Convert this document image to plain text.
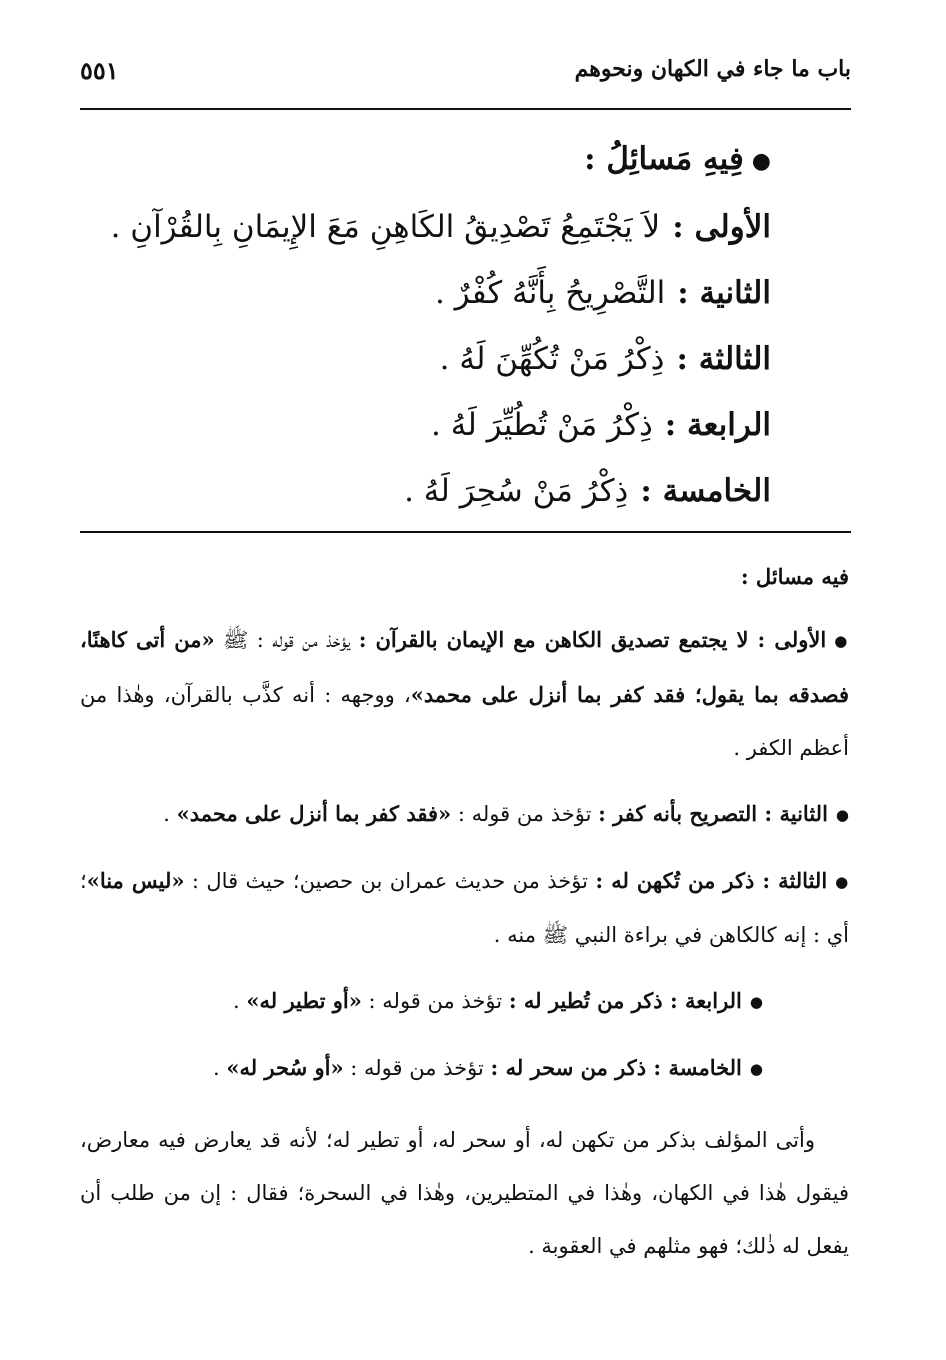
باب ما جاء في الكهان ونحوهم
٥٥١

●فِيهِ مَسائِلُ :

الأولى :لاَ يَجْتَمِعُ تَصْدِيقُ الكَاهِنِ مَعَ الإِيمَانِ بِالقُرْآنِ .

الثانية :التَّصْرِيحُ بِأَنَّهُ كُفْرٌ .

الثالثة :ذِكْرُ مَنْ تُكُهِّنَ لَهُ .

الرابعة :ذِكْرُ مَنْ تُطُيِّرَ لَهُ .

الخامسة :ذِكْرُ مَنْ سُحِرَ لَهُ .

فيه مسائل :

●الأولى : لا يجتمع تصديق الكاهن مع الإيمان بالقرآن : يؤخذ من قوله : ﷺ «من أتى كاهنًا، فصدقه بما يقول؛ فقد كفر بما أنزل على محمد»، ووجهه : أنه كذَّب بالقرآن، وهٰذا من أعظم الكفر .

●الثانية : التصريح بأنه كفر : تؤخذ من قوله : «فقد كفر بما أنزل على محمد» .

●الثالثة : ذكر من تُكهن له : تؤخذ من حديث عمران بن حصين؛ حيث قال : «ليس منا»؛ أي : إنه كالكاهن في براءة النبي ﷺ منه .

●الرابعة : ذكر من تُطير له : تؤخذ من قوله : «أو تطير له» .

●الخامسة : ذكر من سحر له : تؤخذ من قوله : «أو سُحر له» .

وأتى المؤلف بذكر من تكهن له، أو سحر له، أو تطير له؛ لأنه قد يعارض فيه معارض، فيقول هٰذا في الكهان، وهٰذا في المتطيرين، وهٰذا في السحرة؛ فقال : إن من طلب أن يفعل له ذٰلك؛ فهو مثلهم في العقوبة .
